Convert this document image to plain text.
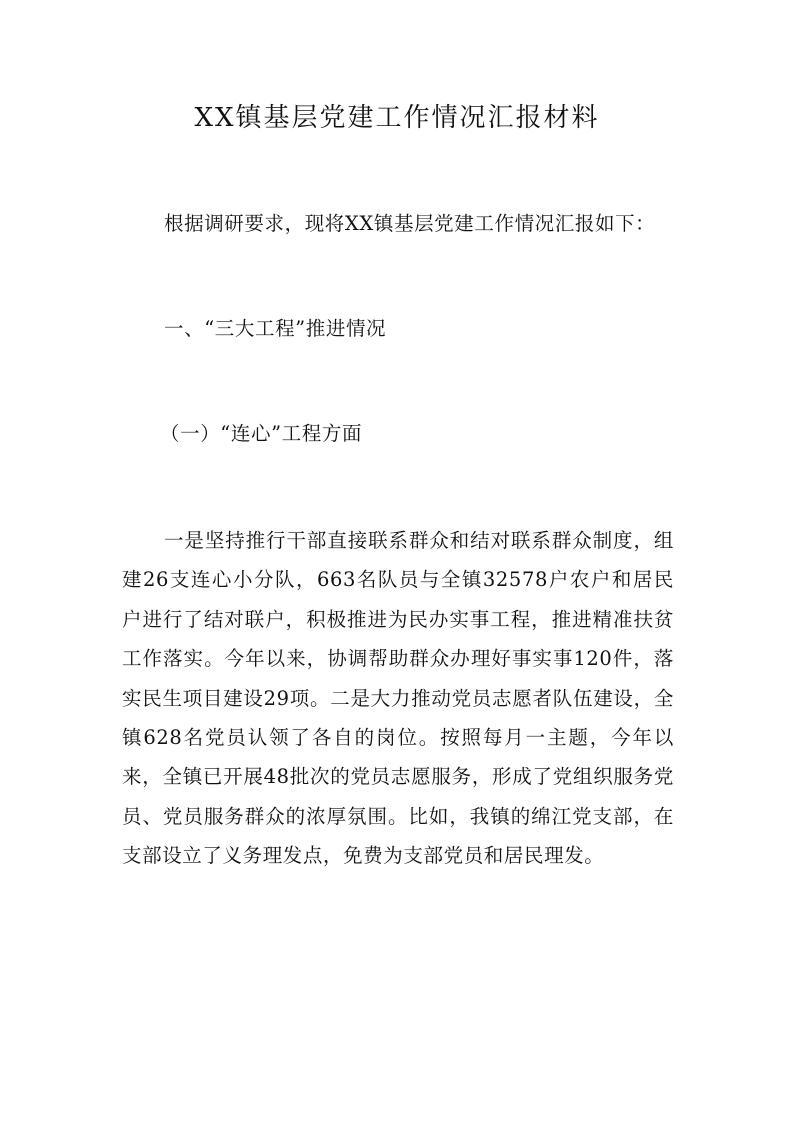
XX镇基层党建工作情况汇报材料
根据调研要求，现将XX镇基层党建工作情况汇报如下：
一、“三大工程”推进情况
（一）“连心”工程方面
一是坚持推行干部直接联系群众和结对联系群众制度，组建26支连心小分队，663名队员与全镇32578户农户和居民户进行了结对联户，积极推进为民办实事工程，推进精准扶贫工作落实。今年以来，协调帮助群众办理好事实事120件，落实民生项目建设29项。二是大力推动党员志愿者队伍建设，全镇628名党员认领了各自的岗位。按照每月一主题，今年以来，全镇已开展48批次的党员志愿服务，形成了党组织服务党员、党员服务群众的浓厚氛围。比如，我镇的绵江党支部，在支部设立了义务理发点，免费为支部党员和居民理发。
